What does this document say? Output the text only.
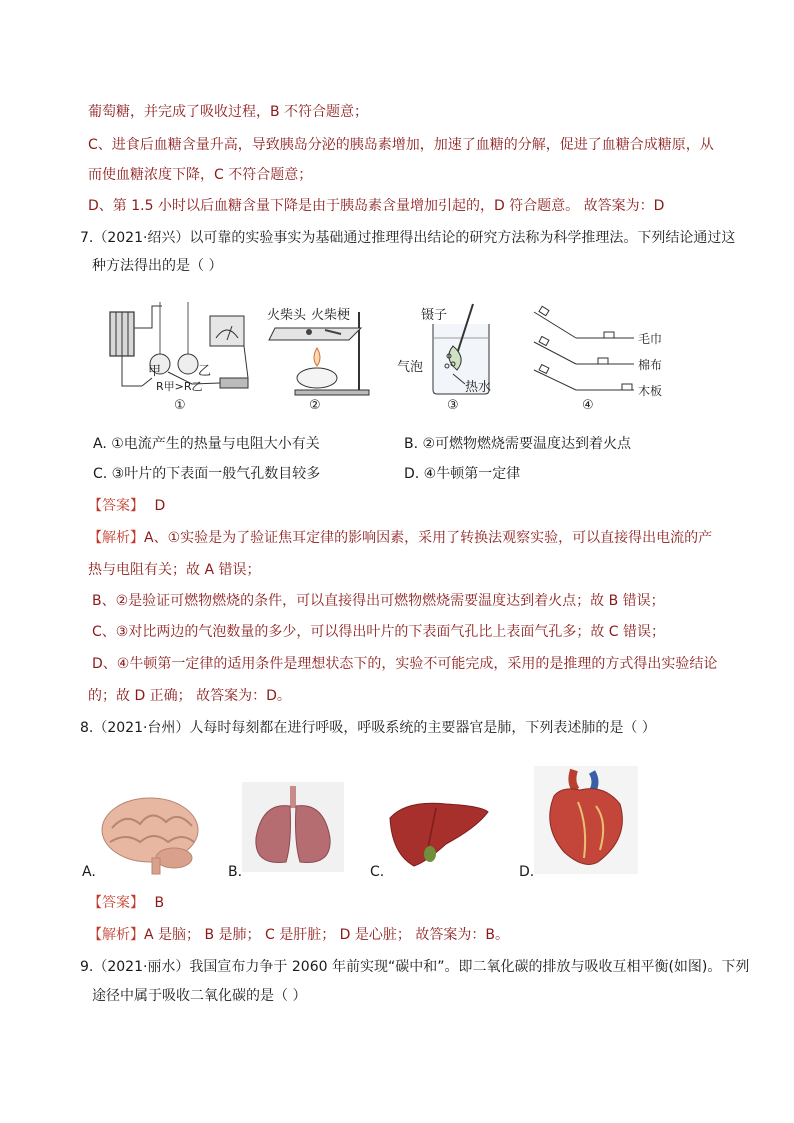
葡萄糖，并完成了吸收过程，B 不符合题意；
C、进食后血糖含量升高，导致胰岛分泌的胰岛素增加，加速了血糖的分解，促进了血糖合成糖原，从
而使血糖浓度下降，C 不符合题意；
D、第 1.5 小时以后血糖含量下降是由于胰岛素含量增加引起的，D 符合题意。 故答案为：D
7.（2021·绍兴）以可靠的实验事实为基础通过推理得出结论的研究方法称为科学推理法。下列结论通过这
种方法得出的是（ ）
甲	乙
R甲>R乙
①
火柴头 火柴梗
②
镊子
气泡
热水
③
毛巾
棉布
木板
④
A. ①电流产生的热量与电阻大小有关	B. ②可燃物燃烧需要温度达到着火点
C. ③叶片的下表面一般气孔数目较多	D. ④牛顿第一定律
【答案】 D
【解析】A、①实验是为了验证焦耳定律的影响因素，采用了转换法观察实验，可以直接得出电流的产
热与电阻有关；故 A 错误；
B、②是验证可燃物燃烧的条件，可以直接得出可燃物燃烧需要温度达到着火点；故 B 错误；
C、③对比两边的气泡数量的多少，可以得出叶片的下表面气孔比上表面气孔多；故 C 错误；
D、④牛顿第一定律的适用条件是理想状态下的，实验不可能完成，采用的是推理的方式得出实验结论
的；故 D 正确； 故答案为：D。
8.（2021·台州）人每时每刻都在进行呼吸，呼吸系统的主要器官是肺，下列表述肺的是（ ）
A.	B.	C.	D.
【答案】 B
【解析】A 是脑； B 是肺； C 是肝脏； D 是心脏； 故答案为：B。
9.（2021·丽水）我国宣布力争于 2060 年前实现“碳中和”。即二氧化碳的排放与吸收互相平衡(如图)。下列
途径中属于吸收二氧化碳的是（ ）
